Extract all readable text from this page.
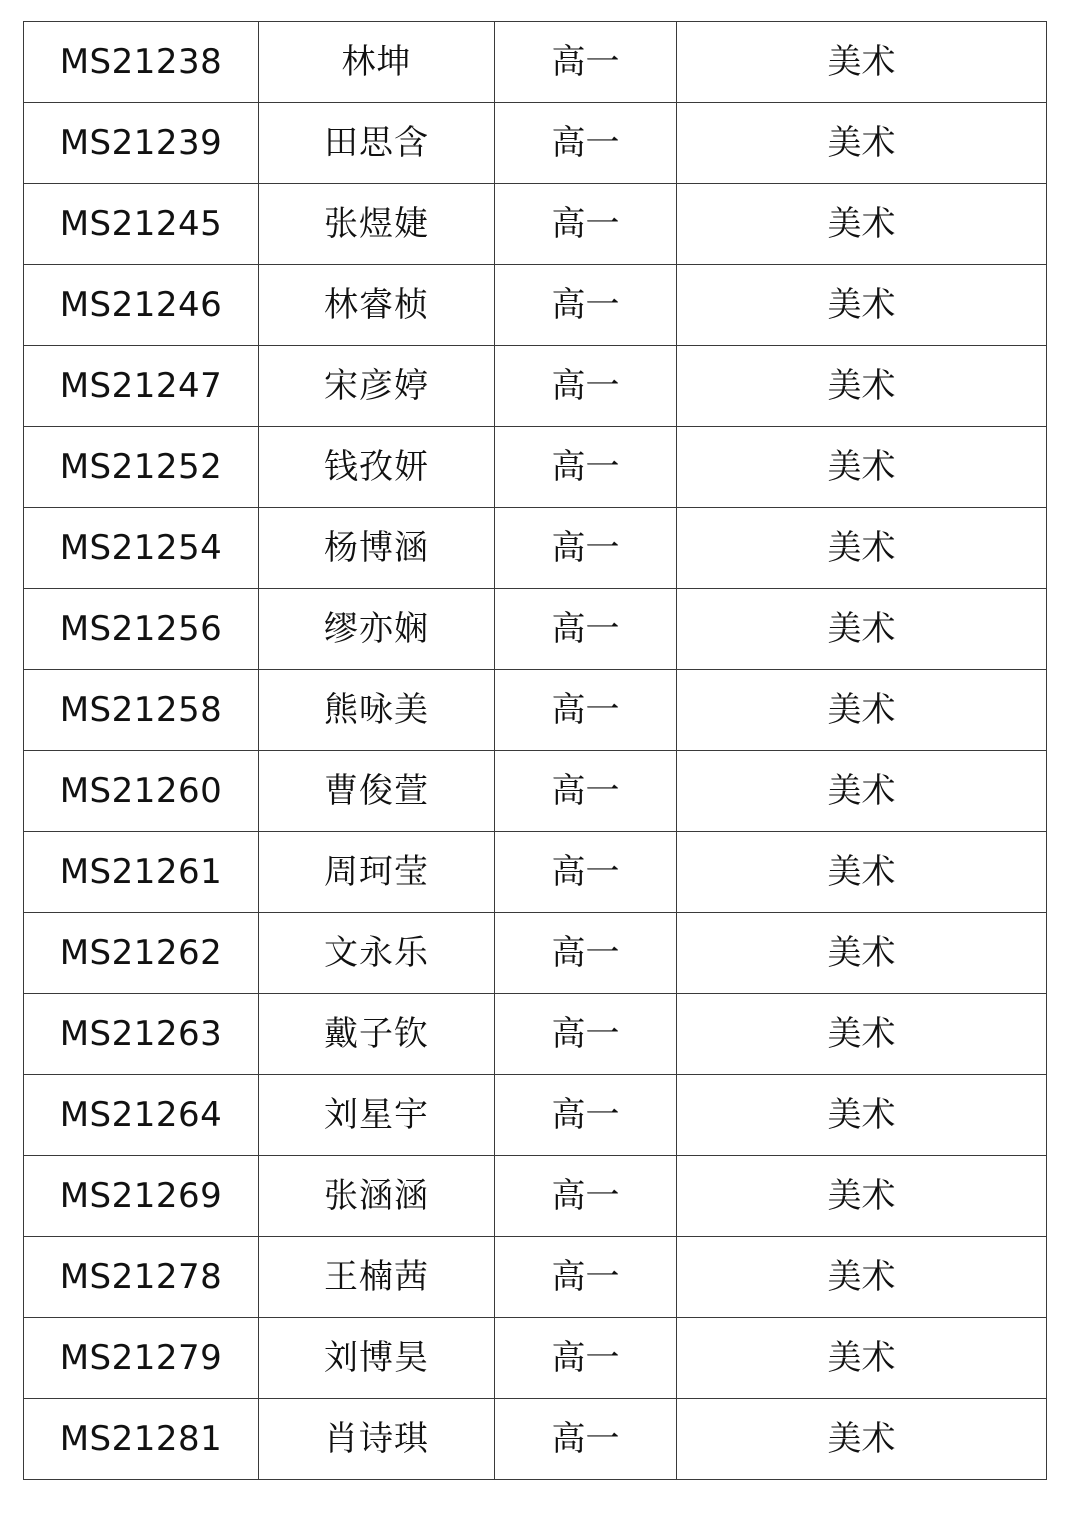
MS21238	林坤	高一	美术
MS21239	田思含	高一	美术
MS21245	张煜婕	高一	美术
MS21246	林睿桢	高一	美术
MS21247	宋彦婷	高一	美术
MS21252	钱孜妍	高一	美术
MS21254	杨博涵	高一	美术
MS21256	缪亦娴	高一	美术
MS21258	熊咏美	高一	美术
MS21260	曹俊萱	高一	美术
MS21261	周珂莹	高一	美术
MS21262	文永乐	高一	美术
MS21263	戴子钦	高一	美术
MS21264	刘星宇	高一	美术
MS21269	张涵涵	高一	美术
MS21278	王楠茜	高一	美术
MS21279	刘博昊	高一	美术
MS21281	肖诗琪	高一	美术
